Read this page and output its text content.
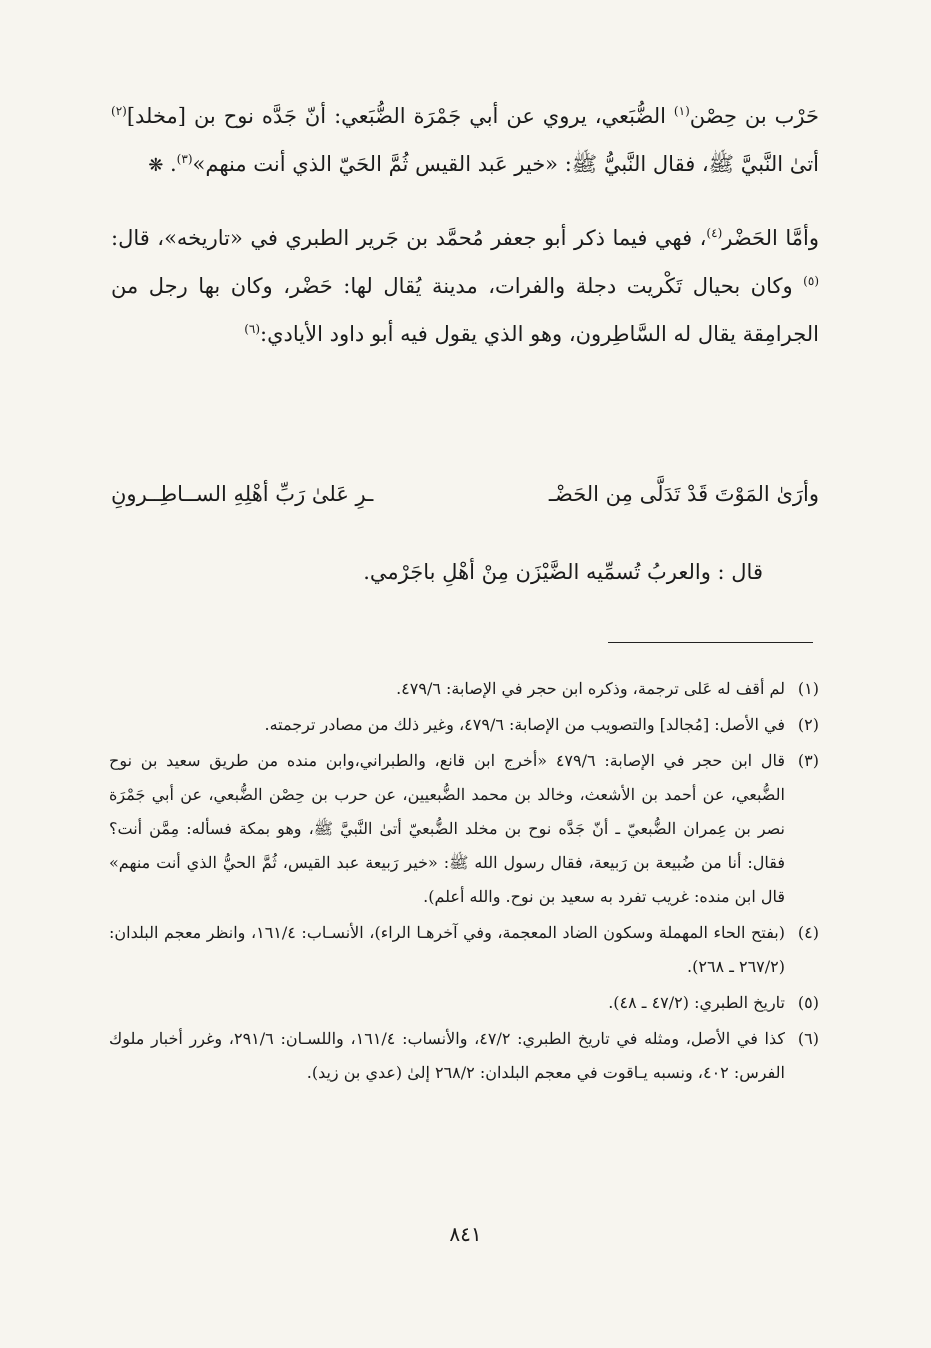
حَرْب بن حِصْن$^{(١)}$ الضُّبَعي، يروي عن أبي جَمْرَة الضُّبَعي: أنّ جَدَّه نوح بن [مخلد]$^{(٢)}$ أتىٰ النَّبيَّ ﷺ، فقال النَّبيُّ ﷺ: «خير عَبد القيس ثُمَّ الحَيّ الذي أنت منهم»$^{(٣)}$. ❋

وأمَّا الحَضْر$^{(٤)}$، فهي فيما ذكر أبو جعفر مُحمَّد بن جَرير الطبري في «تاريخه»، قال:$^{(٥)}$ وكان بحيال تَكْريت دجلة والفرات، مدينة يُقال لها: حَضْر، وكان بها رجل من الجرامِقة يقال له السَّاطِرون، وهو الذي يقول فيه أبو داود الأيادي:$^{(٦)}$

وأرَىٰ المَوْتَ قَدْ تَدَلَّى مِن الحَضْـ
ـرِ عَلىٰ رَبِّ أهْلِهِ الســاطِــرونِ
قال : والعربُ تُسمِّيه الضَّيْزَن مِنْ أهْلِ باجَرْمي.
(١)
لم أقف له عَلى ترجمة، وذكره ابن حجر في الإصابة: ٤٧٩/٦.
(٢)
في الأصل: [مُجالد] والتصويب من الإصابة: ٤٧٩/٦، وغير ذلك من مصادر ترجمته.
(٣)
قال ابن حجر في الإصابة: ٤٧٩/٦ «أخرج ابن قانع، والطبراني،وابن منده من طريق سعيد بن نوح الضُّبعي، عن أحمد بن الأشعث، وخالد بن محمد الضُّبعيين، عن حرب بن حِصْن الضُّبعي، عن أبي جَمْرَة نصر بن عِمران الضُّبعيّ ـ أنّ جَدَّه نوح بن مخلد الضُّبعيّ أتىٰ النَّبيَّ ﷺ، وهو بمكة فسأله: مِمَّن أنت؟ فقال: أنا من ضُبيعة بن رَبيعة، فقال رسول الله ﷺ: «خير رَبيعة عبد القيس، ثُمَّ الحيُّ الذي أنت منهم» قال ابن منده: غريب تفرد به سعيد بن نوح. والله أعلم).
(٤)
(بفتح الحاء المهملة وسكون الضاد المعجمة، وفي آخرهـا الراء)، الأنسـاب: ١٦١/٤، وانظر معجم البلدان: (٢٦٧/٢ ـ ٢٦٨).
(٥)
تاريخ الطبري: (٤٧/٢ ـ ٤٨).
(٦)
كذا في الأصل، ومثله في تاريخ الطبري: ٤٧/٢، والأنساب: ١٦١/٤، واللسـان: ٢٩١/٦، وغرر أخبار ملوك الفرس: ٤٠٢، ونسبه يـاقوت في معجم البلدان: ٢٦٨/٢ إلىٰ (عدي بن زيد).
٨٤١
